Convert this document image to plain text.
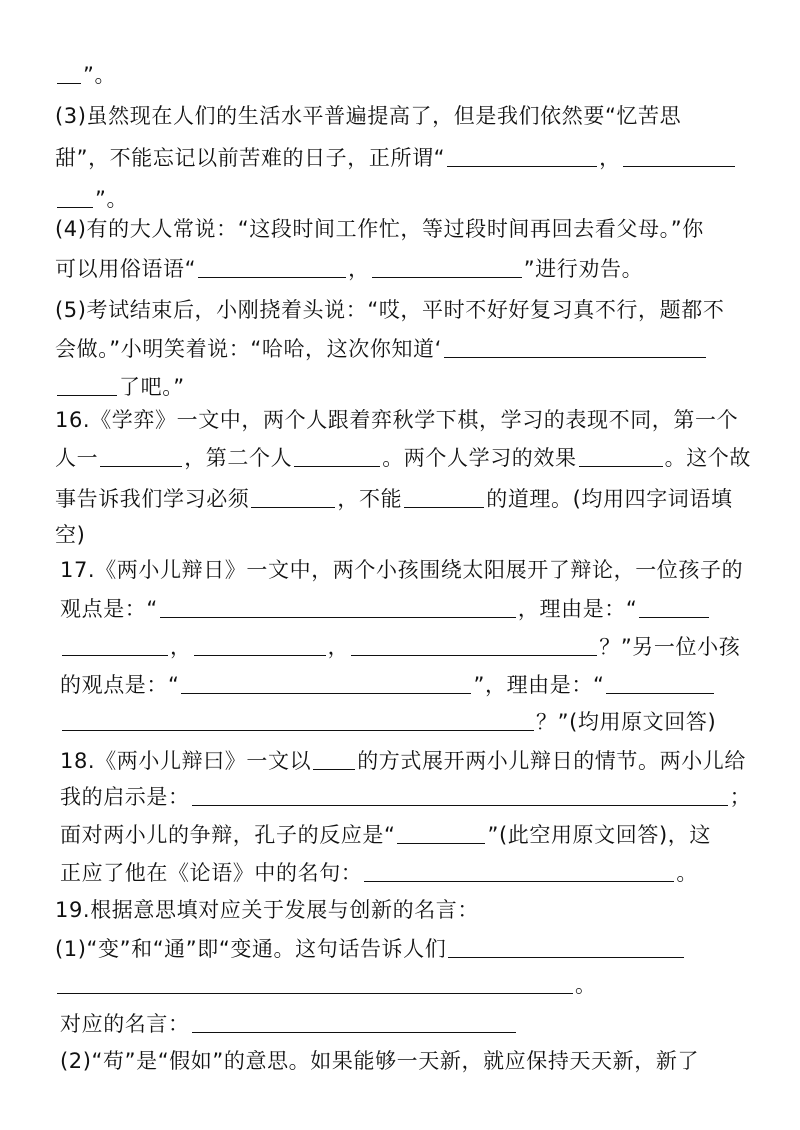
”。
(3)虽然现在人们的生活水平普遍提高了，但是我们依然要“忆苦思
甜”，不能忘记以前苦难的日子，正所谓“	，
”。
(4)有的大人常说：“这段时间工作忙，等过段时间再回去看父母。”你
可以用俗语语“	，	”进行劝告。
(5)考试结束后，小刚挠着头说：“哎，平时不好好复习真不行，题都不
会做。”小明笑着说：“哈哈，这次你知道‘
了吧。”
16.《学弈》一文中，两个人跟着弈秋学下棋，学习的表现不同，第一个
人一	，第二个人	。两个人学习的效果	。这个故
事告诉我们学习必须	，不能	的道理。(均用四字词语填
空)
17.《两小儿辩日》一文中，两个小孩围绕太阳展开了辩论，一位孩子的
观点是：“	，理由是：“
，	，	？”另一位小孩
的观点是：“	”，理由是：“
？”(均用原文回答)
18.《两小儿辩曰》一文以 的方式展开两小儿辩日的情节。两小儿给
我的启示是：	；
面对两小儿的争辩，孔子的反应是“	”(此空用原文回答)，这
正应了他在《论语》中的名句：	。
19.根据意思填对应关于发展与创新的名言：
(1)“变”和“通”即“变通。这句话告诉人们
。
对应的名言：
(2)“苟”是“假如”的意思。如果能够一天新，就应保持天天新，新了
